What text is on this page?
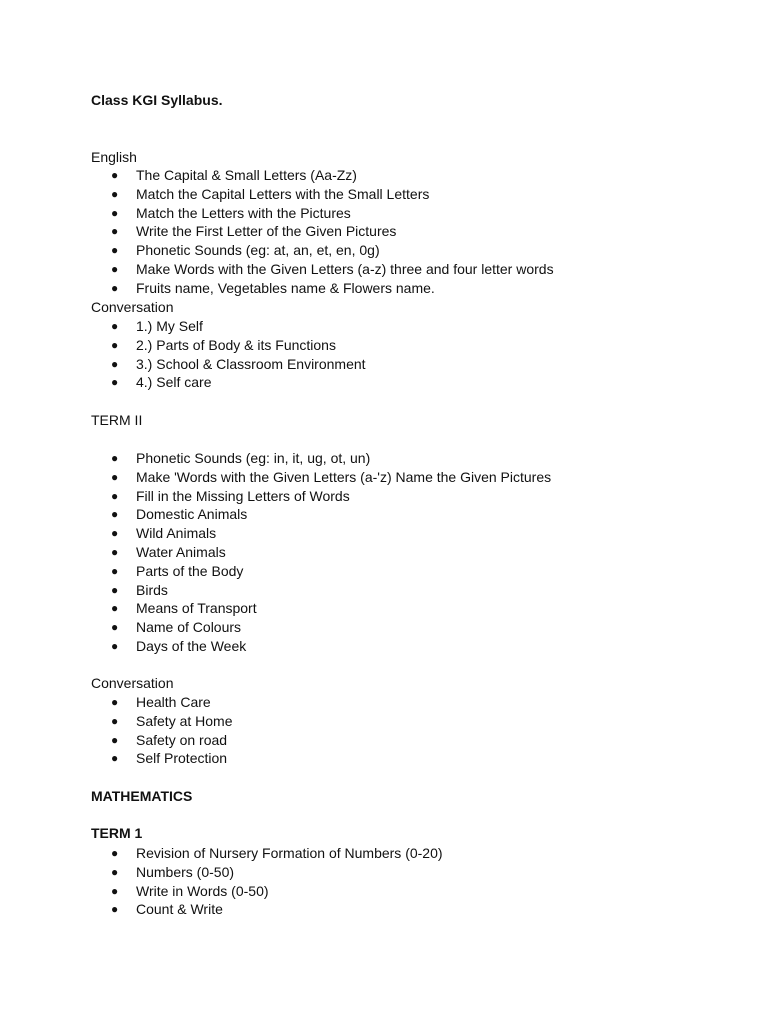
Class KGI Syllabus.
English
● The Capital & Small Letters (Aa-Zz)
● Match the Capital Letters with the Small Letters
● Match the Letters with the Pictures
● Write the First Letter of the Given Pictures
● Phonetic Sounds (eg: at, an, et, en, 0g)
● Make Words with the Given Letters (a-z) three and four letter words
● Fruits name, Vegetables name & Flowers name.
Conversation
● 1.) My Self
● 2.) Parts of Body & its Functions
● 3.) School & Classroom Environment
● 4.) Self care
TERM II
● Phonetic Sounds (eg: in, it, ug, ot, un)
● Make 'Words with the Given Letters (a-'z) Name the Given Pictures
● Fill in the Missing Letters of Words
● Domestic Animals
● Wild Animals
● Water Animals
● Parts of the Body
● Birds
● Means of Transport
● Name of Colours
● Days of the Week
Conversation
● Health Care
● Safety at Home
● Safety on road
● Self Protection
MATHEMATICS
TERM 1
● Revision of Nursery Formation of Numbers (0-20)
● Numbers (0-50)
● Write in Words (0-50)
● Count & Write
